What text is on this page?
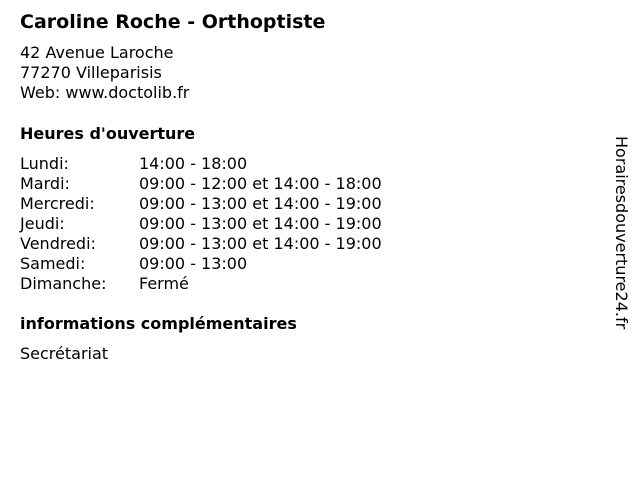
Caroline Roche - Orthoptiste
42 Avenue Laroche
77270 Villeparisis
Web: www.doctolib.fr
Heures d'ouverture
Lundi:	14:00 - 18:00
Mardi:	09:00 - 12:00 et 14:00 - 18:00
Mercredi:	09:00 - 13:00 et 14:00 - 19:00
Jeudi:	09:00 - 13:00 et 14:00 - 19:00
Vendredi:	09:00 - 13:00 et 14:00 - 19:00
Samedi:	09:00 - 13:00
Dimanche:	Fermé
informations complémentaires
Secrétariat
Horairesdouverture24.fr
